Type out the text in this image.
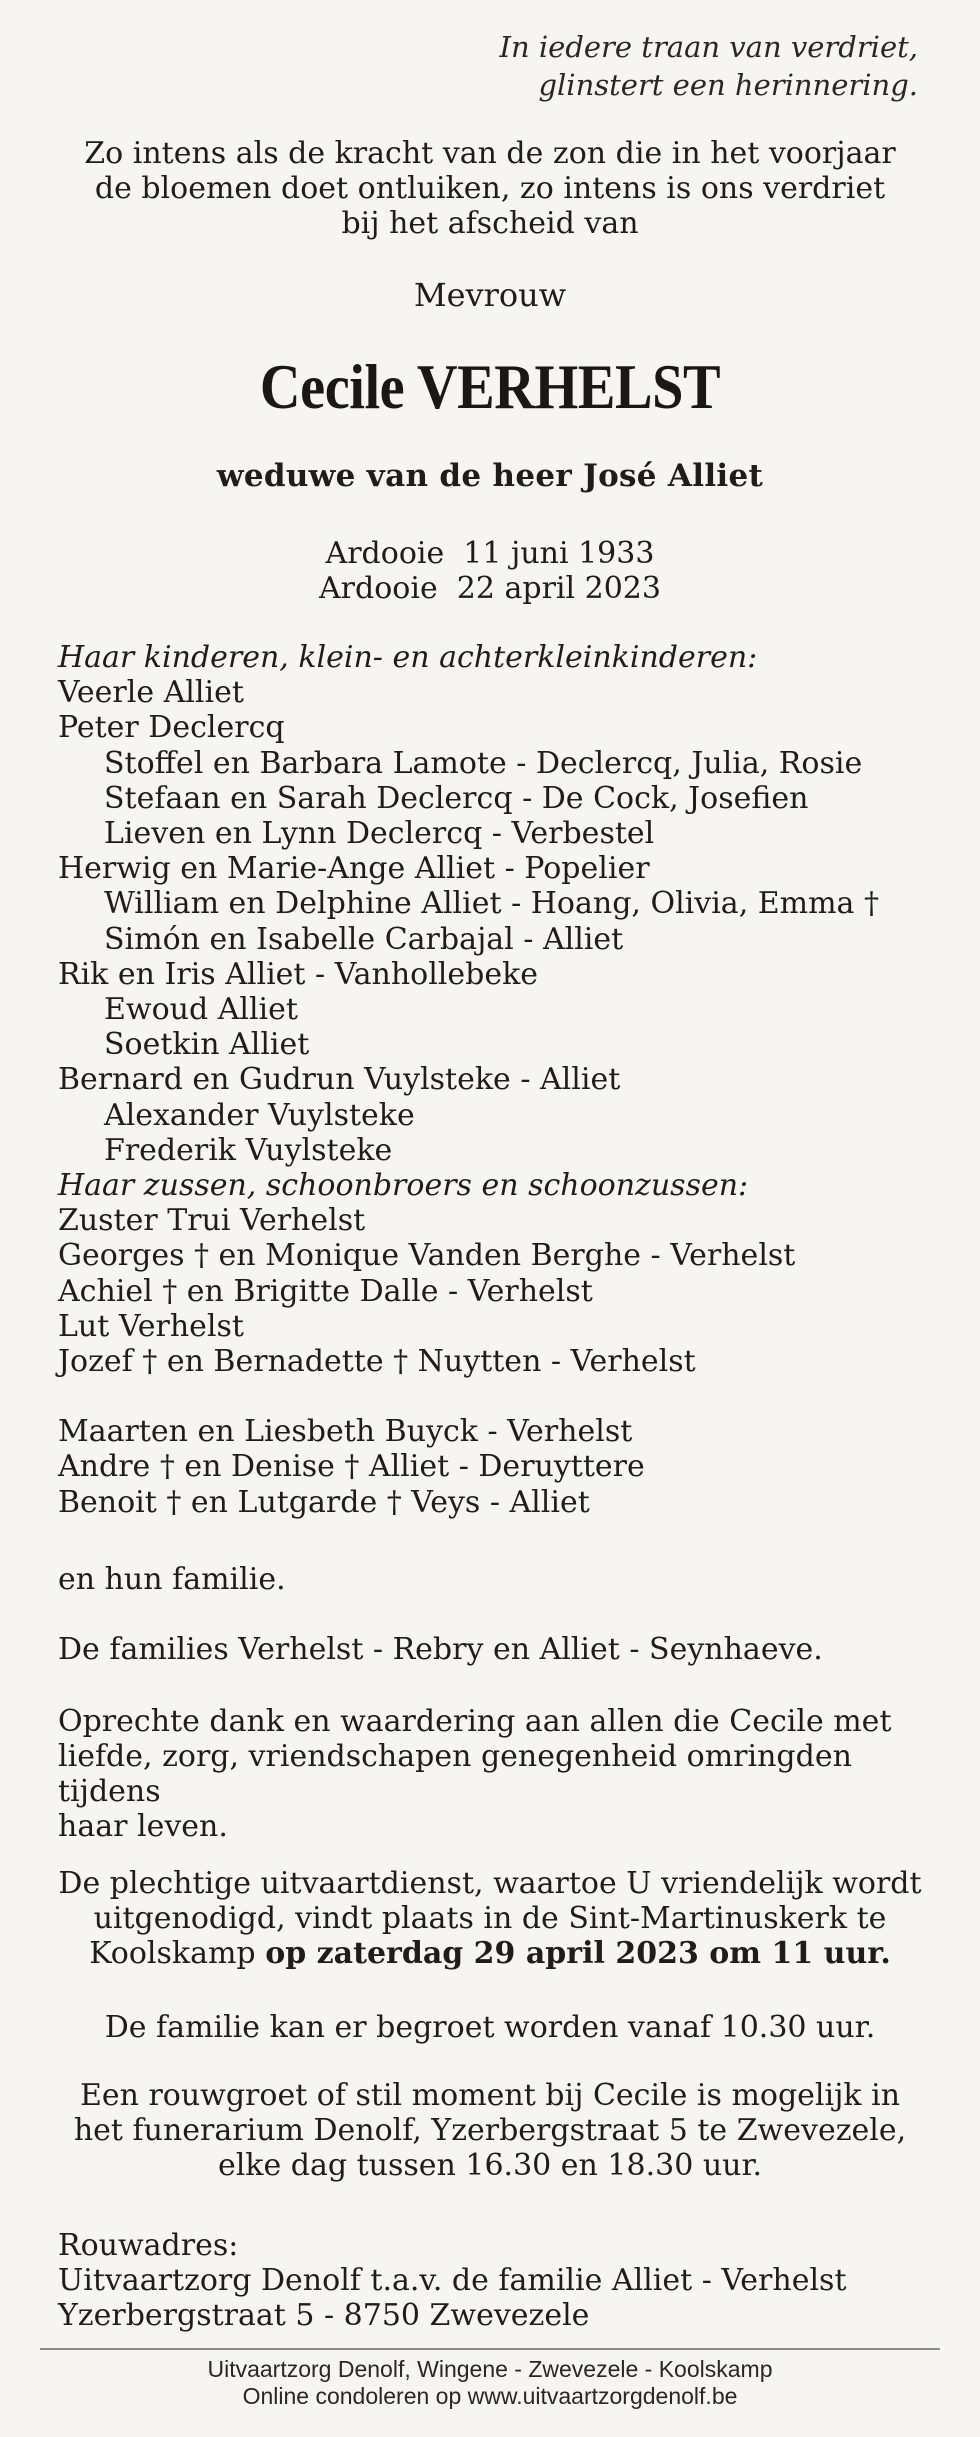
In iedere traan van verdriet,
glinstert een herinnering.
Zo intens als de kracht van de zon die in het voorjaar
de bloemen doet ontluiken, zo intens is ons verdriet
bij het afscheid van
Mevrouw
Cecile VERHELST
weduwe van de heer José Alliet
Ardooie  11 juni 1933
Ardooie  22 april 2023
Haar kinderen, klein- en achterkleinkinderen:
Veerle Alliet
Peter Declercq
Stoffel en Barbara Lamote - Declercq, Julia, Rosie
Stefaan en Sarah Declercq - De Cock, Josefien
Lieven en Lynn Declercq - Verbestel
Herwig en Marie-Ange Alliet - Popelier
William en Delphine Alliet - Hoang, Olivia, Emma †
Simón en Isabelle Carbajal - Alliet
Rik en Iris Alliet - Vanhollebeke
Ewoud Alliet
Soetkin Alliet
Bernard en Gudrun Vuylsteke - Alliet
Alexander Vuylsteke
Frederik Vuylsteke
Haar zussen, schoonbroers en schoonzussen:
Zuster Trui Verhelst
Georges † en Monique Vanden Berghe - Verhelst
Achiel † en Brigitte Dalle - Verhelst
Lut Verhelst
Jozef † en Bernadette † Nuytten - Verhelst
Maarten en Liesbeth Buyck - Verhelst
Andre † en Denise † Alliet - Deruyttere
Benoit † en Lutgarde † Veys - Alliet
en hun familie.
De families Verhelst - Rebry en Alliet - Seynhaeve.
Oprechte dank en waardering aan allen die Cecile met
liefde, zorg, vriendschapen genegenheid omringden tijdens
haar leven.
De plechtige uitvaartdienst, waartoe U vriendelijk wordt
uitgenodigd, vindt plaats in de Sint-Martinuskerk te
Koolskamp op zaterdag 29 april 2023 om 11 uur.
De familie kan er begroet worden vanaf 10.30 uur.
Een rouwgroet of stil moment bij Cecile is mogelijk in
het funerarium Denolf, Yzerbergstraat 5 te Zwevezele,
elke dag tussen 16.30 en 18.30 uur.
Rouwadres:
Uitvaartzorg Denolf t.a.v. de familie Alliet - Verhelst
Yzerbergstraat 5 - 8750 Zwevezele
Uitvaartzorg Denolf, Wingene - Zwevezele - Koolskamp
Online condoleren op www.uitvaartzorgdenolf.be
